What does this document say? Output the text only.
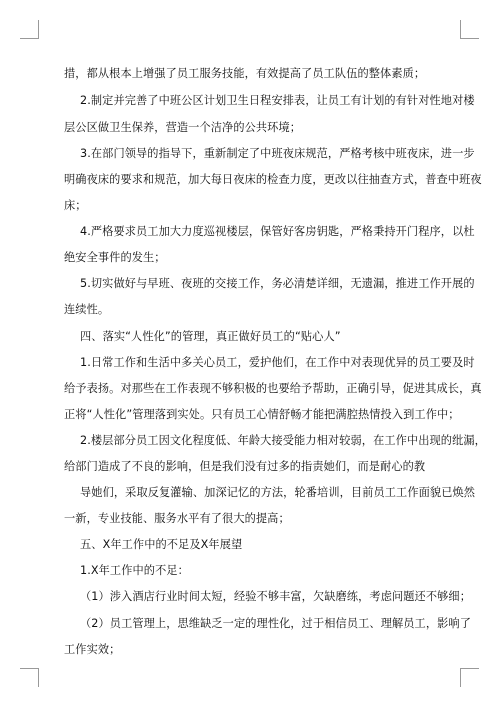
措，都从根本上增强了员工服务技能，有效提高了员工队伍的整体素质；
2.制定并完善了中班公区计划卫生日程安排表，让员工有计划的有针对性地对楼
层公区做卫生保养，营造一个洁净的公共环境；
3.在部门领导的指导下，重新制定了中班夜床规范，严格考核中班夜床，进一步
明确夜床的要求和规范，加大每日夜床的检查力度，更改以往抽查方式，普查中班夜
床；
4.严格要求员工加大力度巡视楼层，保管好客房钥匙，严格秉持开门程序，以杜
绝安全事件的发生；
5.切实做好与早班、夜班的交接工作，务必清楚详细，无遗漏，推进工作开展的
连续性。
四、落实“人性化”的管理，真正做好员工的“贴心人”
1.日常工作和生活中多关心员工，爱护他们，在工作中对表现优异的员工要及时
给予表扬。对那些在工作表现不够积极的也要给予帮助，正确引导，促进其成长，真
正将“人性化”管理落到实处。只有员工心情舒畅才能把满腔热情投入到工作中；
2.楼层部分员工因文化程度低、年龄大接受能力相对较弱，在工作中出现的纰漏，
给部门造成了不良的影响，但是我们没有过多的指责她们，而是耐心的教
导她们，采取反复灌输、加深记忆的方法，轮番培训，目前员工工作面貌已焕然
一新，专业技能、服务水平有了很大的提高；
五、X年工作中的不足及X年展望
1.X年工作中的不足：
（1）涉入酒店行业时间太短，经验不够丰富，欠缺磨练，考虑问题还不够细；
（2）员工管理上，思维缺乏一定的理性化，过于相信员工、理解员工，影响了
工作实效；
